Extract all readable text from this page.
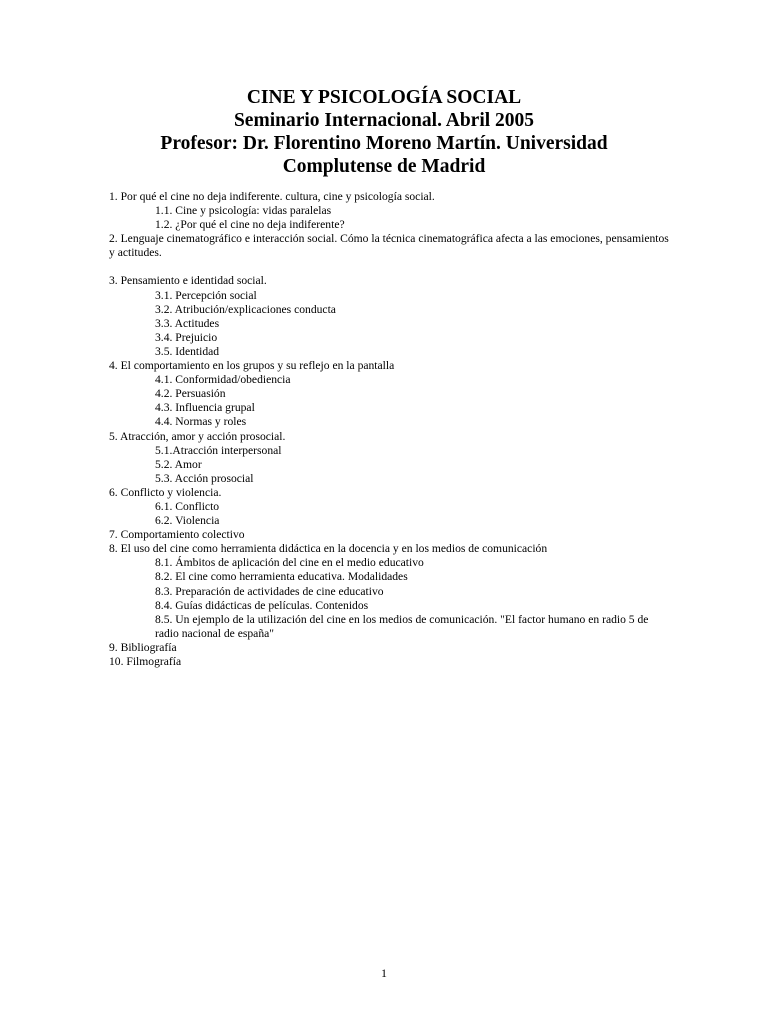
CINE Y PSICOLOGÍA SOCIAL
Seminario Internacional. Abril 2005
Profesor: Dr. Florentino Moreno Martín. Universidad
Complutense de Madrid
1. Por qué el cine no deja indiferente. cultura, cine y psicología social.
1.1. Cine y psicología: vidas paralelas
1.2. ¿Por qué el cine no deja indiferente?
2. Lenguaje cinematográfico e interacción social. Cómo la técnica cinematográfica afecta a las emociones, pensamientos y actitudes.
3. Pensamiento e identidad social.
3.1. Percepción social
3.2. Atribución/explicaciones conducta
3.3. Actitudes
3.4. Prejuicio
3.5. Identidad
4. El comportamiento en los grupos y su reflejo en la pantalla
4.1. Conformidad/obediencia
4.2. Persuasión
4.3. Influencia grupal
4.4. Normas y roles
5. Atracción, amor y acción prosocial.
5.1.Atracción interpersonal
5.2. Amor
5.3. Acción prosocial
6. Conflicto y violencia.
6.1. Conflicto
6.2. Violencia
7. Comportamiento colectivo
8. El uso del cine como herramienta didáctica en la docencia y en los medios de comunicación
8.1. Ámbitos de aplicación del cine en el medio educativo
8.2. El cine como herramienta educativa. Modalidades
8.3. Preparación de actividades de cine educativo
8.4. Guías didácticas de películas. Contenidos
8.5. Un ejemplo de la utilización del cine en los medios de comunicación. "El factor humano en radio 5 de radio nacional de españa"
9. Bibliografía
10. Filmografía
1
